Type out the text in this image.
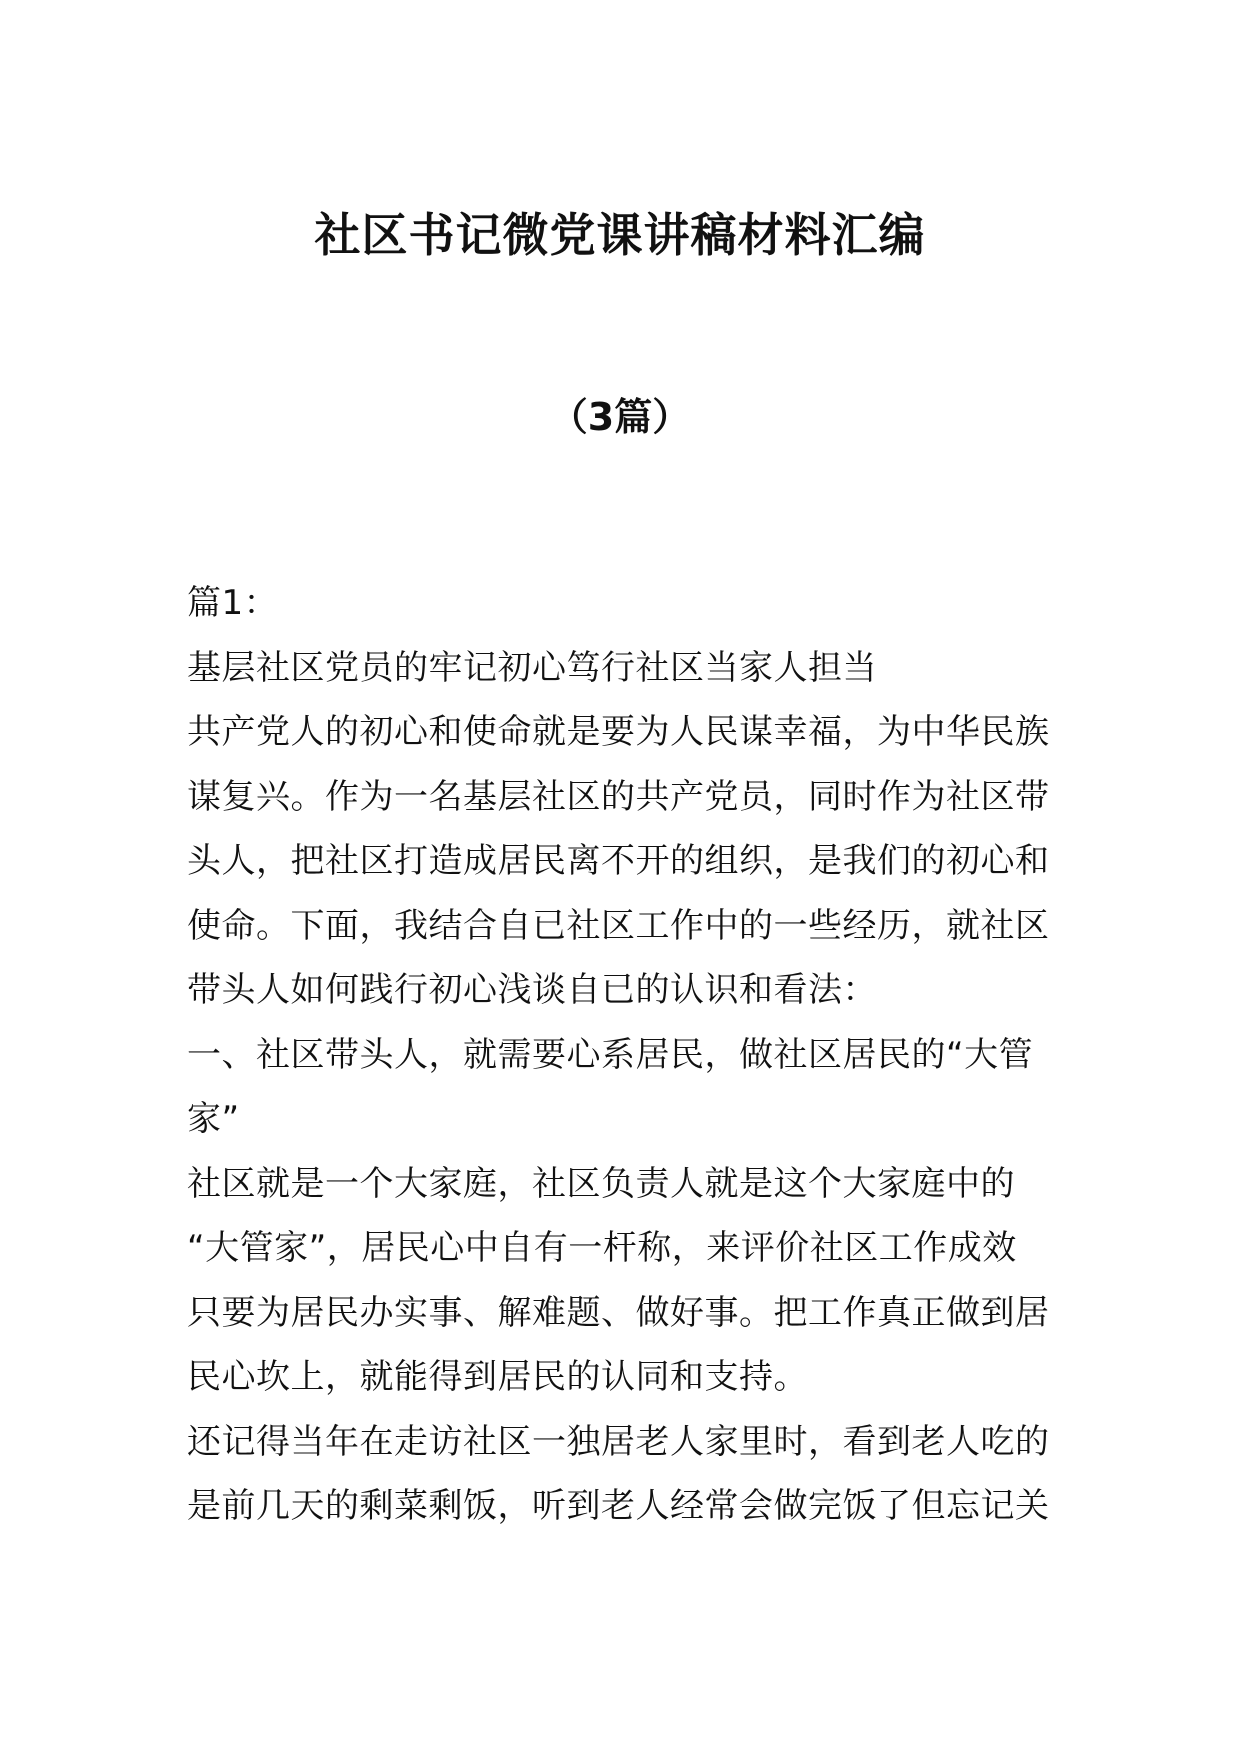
社区书记微党课讲稿材料汇编
（3篇）
篇1：
基层社区党员的牢记初心笃行社区当家人担当
共产党人的初心和使命就是要为人民谋幸福，为中华民族
谋复兴。作为一名基层社区的共产党员，同时作为社区带
头人，把社区打造成居民离不开的组织，是我们的初心和
使命。下面，我结合自已社区工作中的一些经历，就社区
带头人如何践行初心浅谈自已的认识和看法：
一、社区带头人，就需要心系居民，做社区居民的“大管
家”
社区就是一个大家庭，社区负责人就是这个大家庭中的
“大管家”，居民心中自有一杆称，来评价社区工作成效
只要为居民办实事、解难题、做好事。把工作真正做到居
民心坎上，就能得到居民的认同和支持。
还记得当年在走访社区一独居老人家里时，看到老人吃的
是前几天的剩菜剩饭，听到老人经常会做完饭了但忘记关
